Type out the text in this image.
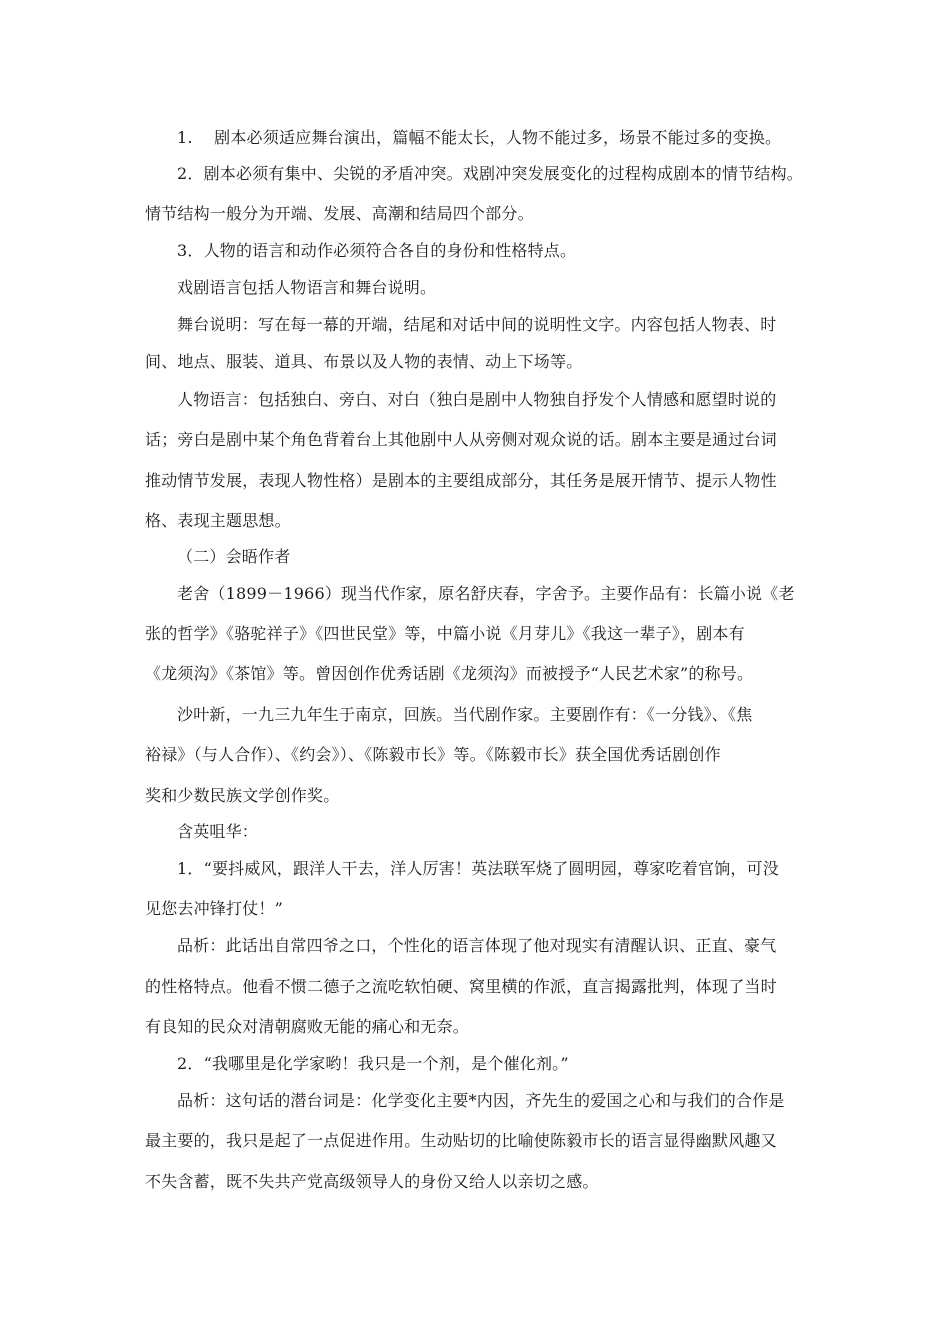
1.　 剧本必须适应舞台演出，篇幅不能太长，人物不能过多，场景不能过多的变换。
2．剧本必须有集中、尖锐的矛盾冲突。戏剧冲突发展变化的过程构成剧本的情节结构。
情节结构一般分为开端、发展、高潮和结局四个部分。
3．人物的语言和动作必须符合各自的身份和性格特点。
戏剧语言包括人物语言和舞台说明。
舞台说明：写在每一幕的开端，结尾和对话中间的说明性文字。内容包括人物表、时
间、地点、服装、道具、布景以及人物的表情、动上下场等。
人物语言：包括独白、旁白、对白（独白是剧中人物独自抒发个人情感和愿望时说的
话；旁白是剧中某个角色背着台上其他剧中人从旁侧对观众说的话。剧本主要是通过台词
推动情节发展，表现人物性格）是剧本的主要组成部分，其任务是展开情节、提示人物性
格、表现主题思想。
（二）会晤作者
老舍（1899－1966）现当代作家，原名舒庆春，字舍予。主要作品有：长篇小说《老
张的哲学》《骆驼祥子》《四世民堂》等，中篇小说《月芽儿》《我这一辈子》，剧本有
《龙须沟》《茶馆》等。曾因创作优秀话剧《龙须沟》而被授予“人民艺术家”的称号。
沙叶新，一九三九年生于南京，回族。当代剧作家。主要剧作有：《一分钱》、《焦
裕禄》（与人合作）、《约会》）、《陈毅市长》等。《陈毅市长》获全国优秀话剧创作
奖和少数民族文学创作奖。
含英咀华：
1．“要抖威风，跟洋人干去，洋人厉害！英法联军烧了圆明园，尊家吃着官饷，可没
见您去冲锋打仗！”
品析：此话出自常四爷之口，个性化的语言体现了他对现实有清醒认识、正直、豪气
的性格特点。他看不惯二德子之流吃软怕硬、窝里横的作派，直言揭露批判，体现了当时
有良知的民众对清朝腐败无能的痛心和无奈。
2．“我哪里是化学家哟！我只是一个剂，是个催化剂。”
品析：这句话的潜台词是：化学变化主要*内因，齐先生的爱国之心和与我们的合作是
最主要的，我只是起了一点促进作用。生动贴切的比喻使陈毅市长的语言显得幽默风趣又
不失含蓄，既不失共产党高级领导人的身份又给人以亲切之感。
